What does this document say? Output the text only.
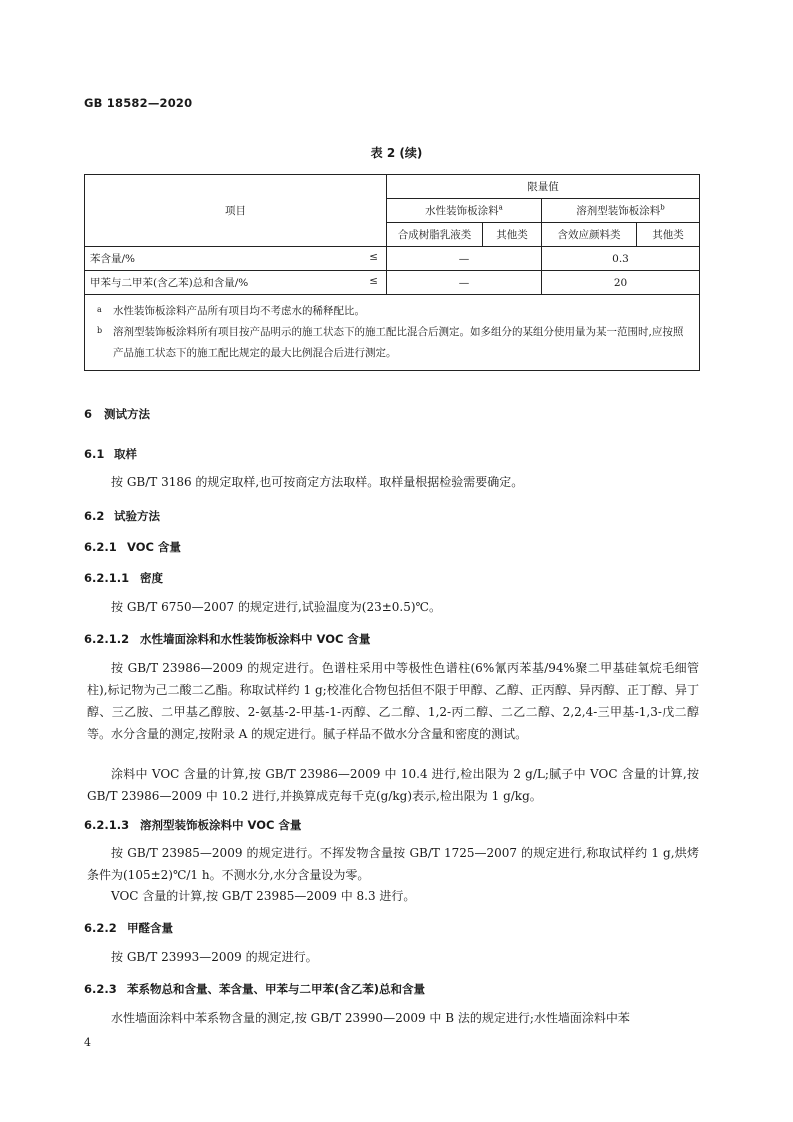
GB 18582—2020
表 2 (续)
项目	限量值			
	水性装饰板涂料$^a$		溶剂型装饰板涂料$^b$
	合成树脂乳液类	其他类	含效应颜料类	其他类
苯含量/% ≤	—		0.3	
甲苯与二甲苯(含乙苯)总和含量/% ≤	—		20	

a 水性装饰板涂料产品所有项目均不考虑水的稀释配比。
b 溶剂型装饰板涂料所有项目按产品明示的施工状态下的施工配比混合后测定。如多组分的某组分使用量为某一范围时,应按照产品施工状态下的施工配比规定的最大比例混合后进行测定。				
6 测试方法
6.1 取样
按 GB/T 3186 的规定取样,也可按商定方法取样。取样量根据检验需要确定。
6.2 试验方法
6.2.1 VOC 含量
6.2.1.1 密度
按 GB/T 6750—2007 的规定进行,试验温度为(23±0.5)℃。
6.2.1.2 水性墙面涂料和水性装饰板涂料中 VOC 含量
按 GB/T 23986—2009 的规定进行。色谱柱采用中等极性色谱柱(6%氰丙苯基/94%聚二甲基硅氧烷毛细管柱),标记物为己二酸二乙酯。称取试样约 1 g;校准化合物包括但不限于甲醇、乙醇、正丙醇、异丙醇、正丁醇、异丁醇、三乙胺、二甲基乙醇胺、2-氨基-2-甲基-1-丙醇、乙二醇、1,2-丙二醇、二乙二醇、2,2,4-三甲基-1,3-戊二醇等。水分含量的测定,按附录 A 的规定进行。腻子样品不做水分含量和密度的测试。
涂料中 VOC 含量的计算,按 GB/T 23986—2009 中 10.4 进行,检出限为 2 g/L;腻子中 VOC 含量的计算,按 GB/T 23986—2009 中 10.2 进行,并换算成克每千克(g/kg)表示,检出限为 1 g/kg。
6.2.1.3 溶剂型装饰板涂料中 VOC 含量
按 GB/T 23985—2009 的规定进行。不挥发物含量按 GB/T 1725—2007 的规定进行,称取试样约 1 g,烘烤条件为(105±2)℃/1 h。不测水分,水分含量设为零。
VOC 含量的计算,按 GB/T 23985—2009 中 8.3 进行。
6.2.2 甲醛含量
按 GB/T 23993—2009 的规定进行。
6.2.3 苯系物总和含量、苯含量、甲苯与二甲苯(含乙苯)总和含量
水性墙面涂料中苯系物含量的测定,按 GB/T 23990—2009 中 B 法的规定进行;水性墙面涂料中苯
4
